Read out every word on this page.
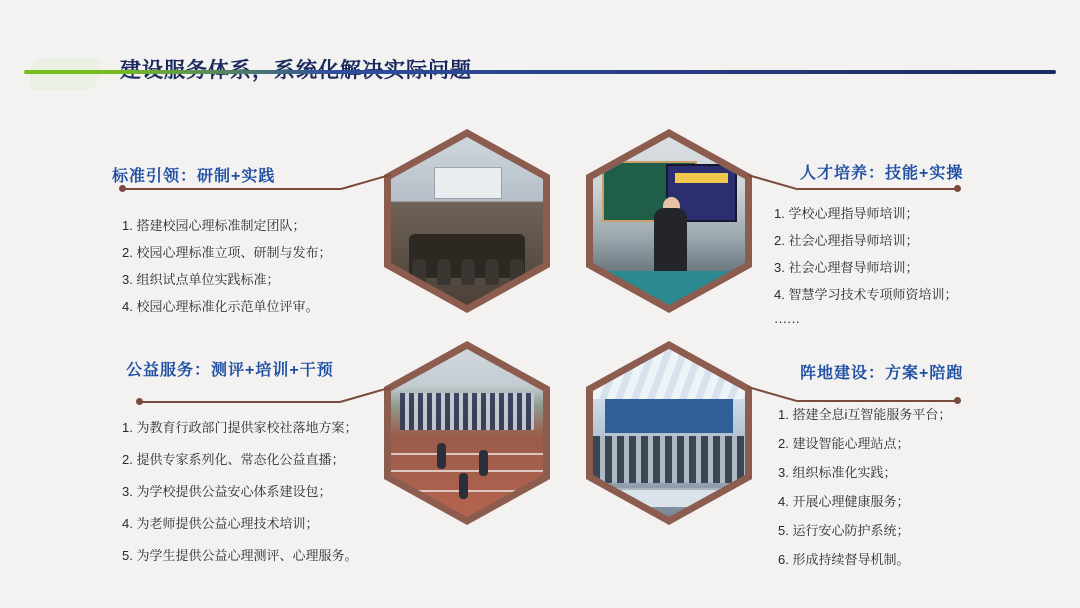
标准引领：研制+实践
1. 搭建校园心理标准制定团队；
2. 校园心理标准立项、研制与发布；
3. 组织试点单位实践标准；
4. 校园心理标准化示范单位评审。
人才培养：技能+实操
1. 学校心理指导师培训；
2. 社会心理指导师培训；
3. 社会心理督导师培训；
4. 智慧学习技术专项师资培训；
······
公益服务：测评+培训+干预
1. 为教育行政部门提供家校社落地方案；
2. 提供专家系列化、常态化公益直播；
3. 为学校提供公益安心体系建设包；
4. 为老师提供公益心理技术培训；
5. 为学生提供公益心理测评、心理服务。
阵地建设：方案+陪跑
1. 搭建全息i互智能服务平台；
2. 建设智能心理站点；
3. 组织标准化实践；
4. 开展心理健康服务；
5. 运行安心防护系统；
6. 形成持续督导机制。
